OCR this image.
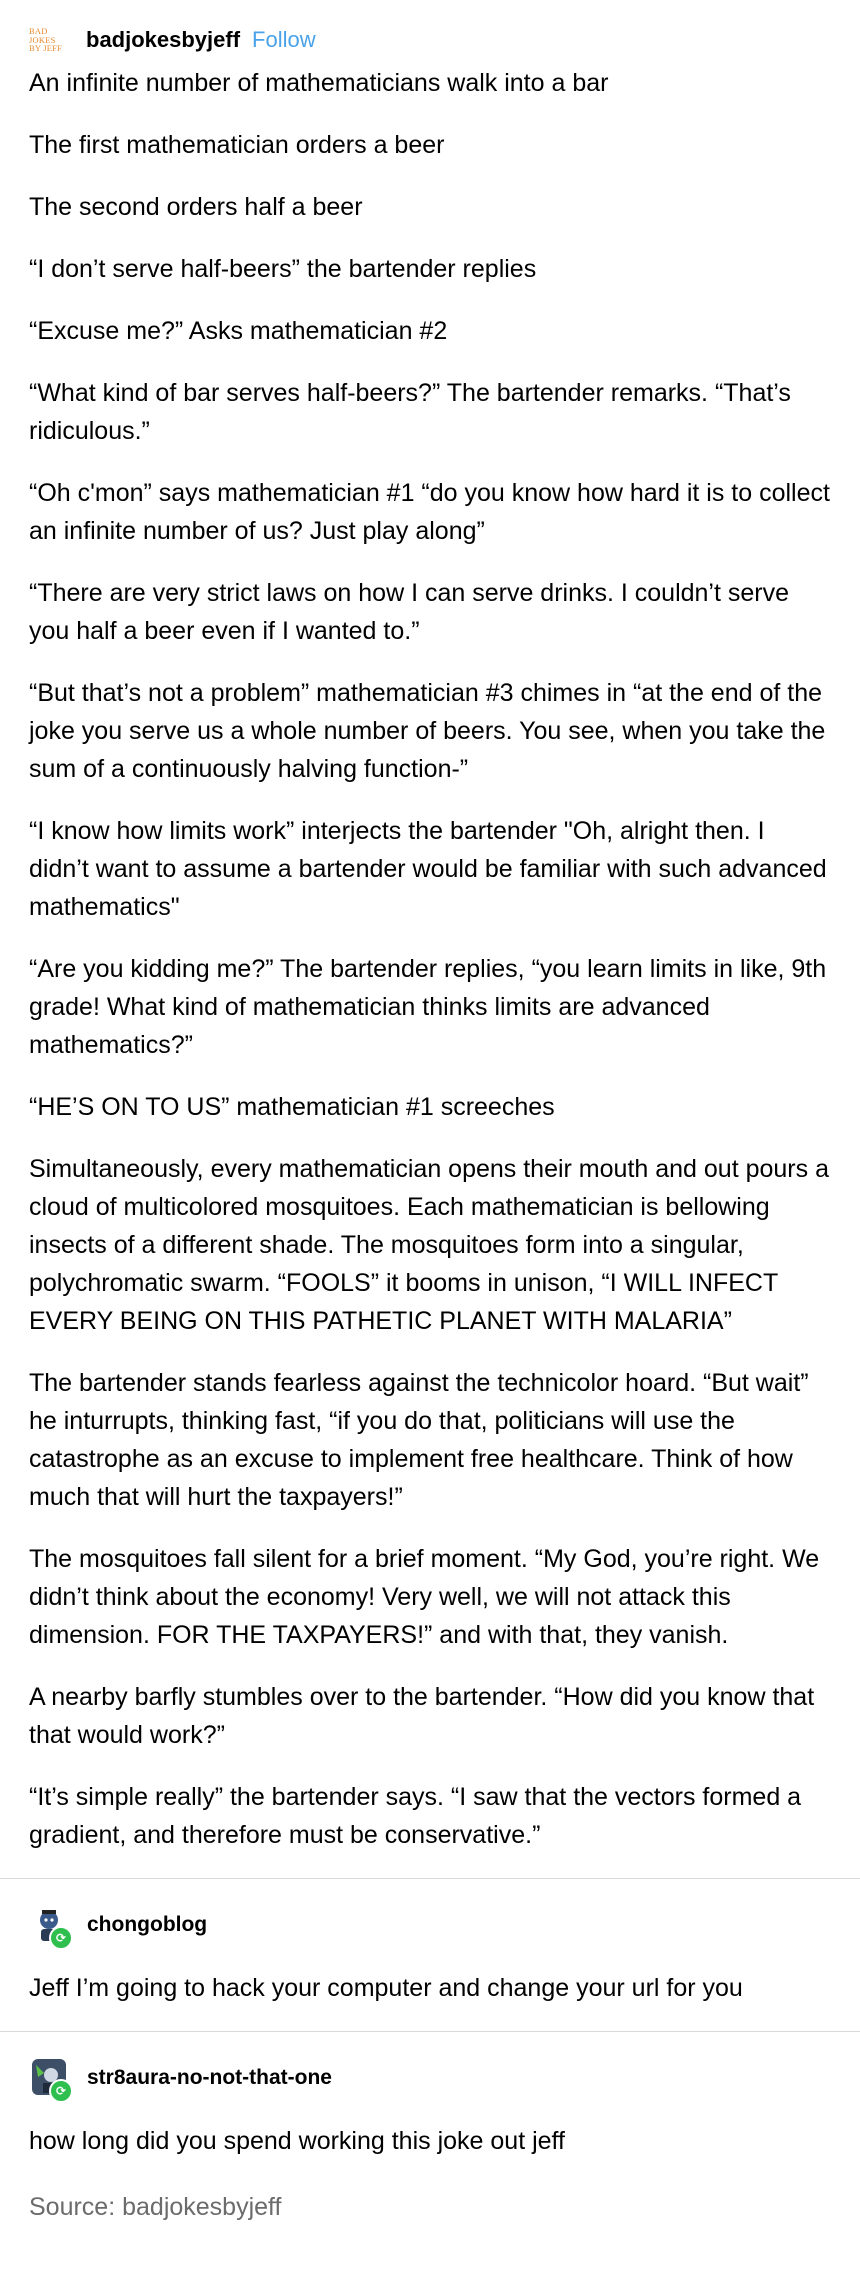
BAD
JOKES
BY JEFF badjokesbyjeff Follow

An infinite number of mathematicians walk into a bar

The first mathematician orders a beer

The second orders half a beer

“I don’t serve half-beers” the bartender replies

“Excuse me?” Asks mathematician #2

“What kind of bar serves half-beers?” The bartender remarks. “That’s ridiculous.”

“Oh c'mon” says mathematician #1 “do you know how hard it is to collect an infinite number of us? Just play along”

“There are very strict laws on how I can serve drinks. I couldn’t serve you half a beer even if I wanted to.”

“But that’s not a problem” mathematician #3 chimes in “at the end of the joke you serve us a whole number of beers. You see, when you take the sum of a continuously halving function-”

“I know how limits work” interjects the bartender "Oh, alright then. I didn’t want to assume a bartender would be familiar with such advanced mathematics"

“Are you kidding me?” The bartender replies, “you learn limits in like, 9th grade! What kind of mathematician thinks limits are advanced mathematics?”

“HE’S ON TO US” mathematician #1 screeches

Simultaneously, every mathematician opens their mouth and out pours a cloud of multicolored mosquitoes. Each mathematician is bellowing insects of a different shade. The mosquitoes form into a singular, polychromatic swarm. “FOOLS” it booms in unison, “I WILL INFECT EVERY BEING ON THIS PATHETIC PLANET WITH MALARIA”

The bartender stands fearless against the technicolor hoard. “But wait” he inturrupts, thinking fast, “if you do that, politicians will use the catastrophe as an excuse to implement free healthcare. Think of how much that will hurt the taxpayers!”

The mosquitoes fall silent for a brief moment. “My God, you’re right. We didn’t think about the economy! Very well, we will not attack this dimension. FOR THE TAXPAYERS!” and with that, they vanish.

A nearby barfly stumbles over to the bartender. “How did you know that that would work?”

“It’s simple really” the bartender says. “I saw that the vectors formed a gradient, and therefore must be conservative.”

⟳
chongoblog

Jeff I’m going to hack your computer and change your url for you

⟳
str8aura-no-not-that-one

how long did you spend working this joke out jeff

Source: badjokesbyjeff
